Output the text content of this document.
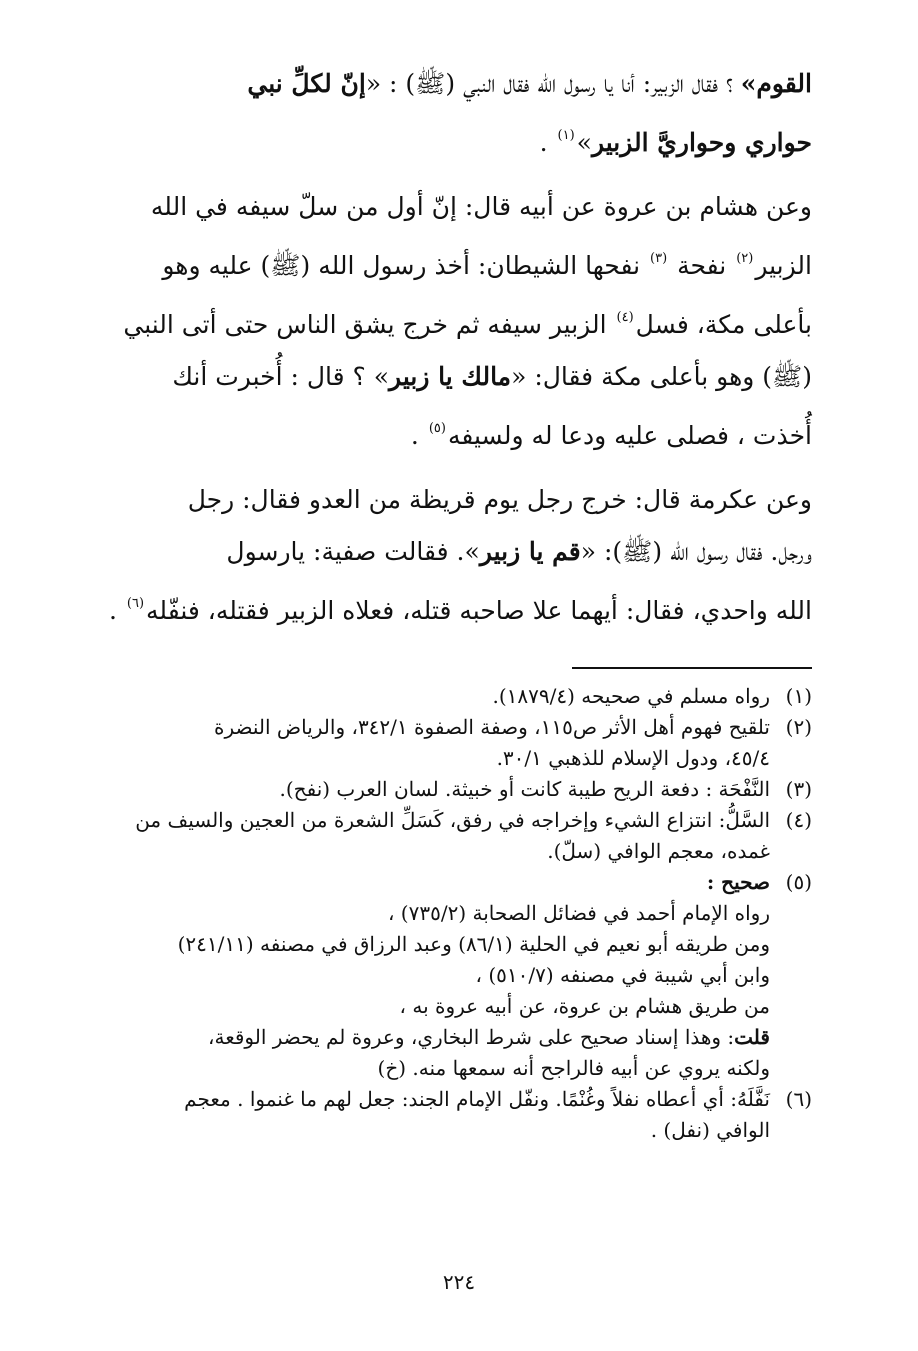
القوم» ؟ فقال الزبير: أنا يا رسول الله فقال النبي (ﷺ) : «إنّ لكلِّ نبي
حواري وحواريَّ الزبير»$^{(١)}$ .

وعن هشام بن عروة عن أبيه قال: إنّ أول من سلّ سيفه في الله
الزبير$^{(٢)}$ نفحة $^{(٣)}$ نفحها الشيطان: أخذ رسول الله (ﷺ) عليه وهو
بأعلى مكة، فسل$^{(٤)}$ الزبير سيفه ثم خرج يشق الناس حتى أتى النبي
(ﷺ) وهو بأعلى مكة فقال: «مالك يا زبير» ؟ قال : أُخبرت أنك
أُخذت ، فصلى عليه ودعا له ولسيفه$^{(٥)}$ .

وعن عكرمة قال: خرج رجل يوم قريظة من العدو فقال: رجل
ورجل. فقال رسول الله (ﷺ): «قم يا زبير». فقالت صفية: يارسول
الله واحدي، فقال: أيهما علا صاحبه قتله، فعلاه الزبير فقتله، فنفّله$^{(٦)}$ .

(١)
رواه مسلم في صحيحه (١٨٧٩/٤).
(٢)
تلقيح فهوم أهل الأثر ص١١٥، وصفة الصفوة ٣٤٢/١، والرياض النضرة
٤٥/٤، ودول الإسلام للذهبي ٣٠/١.
(٣)
النَّفْحَة : دفعة الريح طيبة كانت أو خبيثة. لسان العرب (نفح).
(٤)
السَّلُّ: انتزاع الشيء وإخراجه في رفق، كَسَلِّ الشعرة من العجين والسيف من
غمده، معجم الوافي (سلّ).
(٥)
صحيح :
رواه الإمام أحمد في فضائل الصحابة (٧٣٥/٢) ،
ومن طريقه أبو نعيم في الحلية (٨٦/١) وعبد الرزاق في مصنفه (٢٤١/١١)
وابن أبي شيبة في مصنفه (٥١٠/٧) ،
من طريق هشام بن عروة، عن أبيه عروة به ،
قلت: وهذا إسناد صحيح على شرط البخاري، وعروة لم يحضر الوقعة،
ولكنه يروي عن أبيه فالراجح أنه سمعها منه. (خ)
(٦)
نَفَّلَهُ: أي أعطاه نفلاً وغُنْمًا. ونفّل الإمام الجند: جعل لهم ما غنموا . معجم
الوافي (نفل) .
٢٢٤
